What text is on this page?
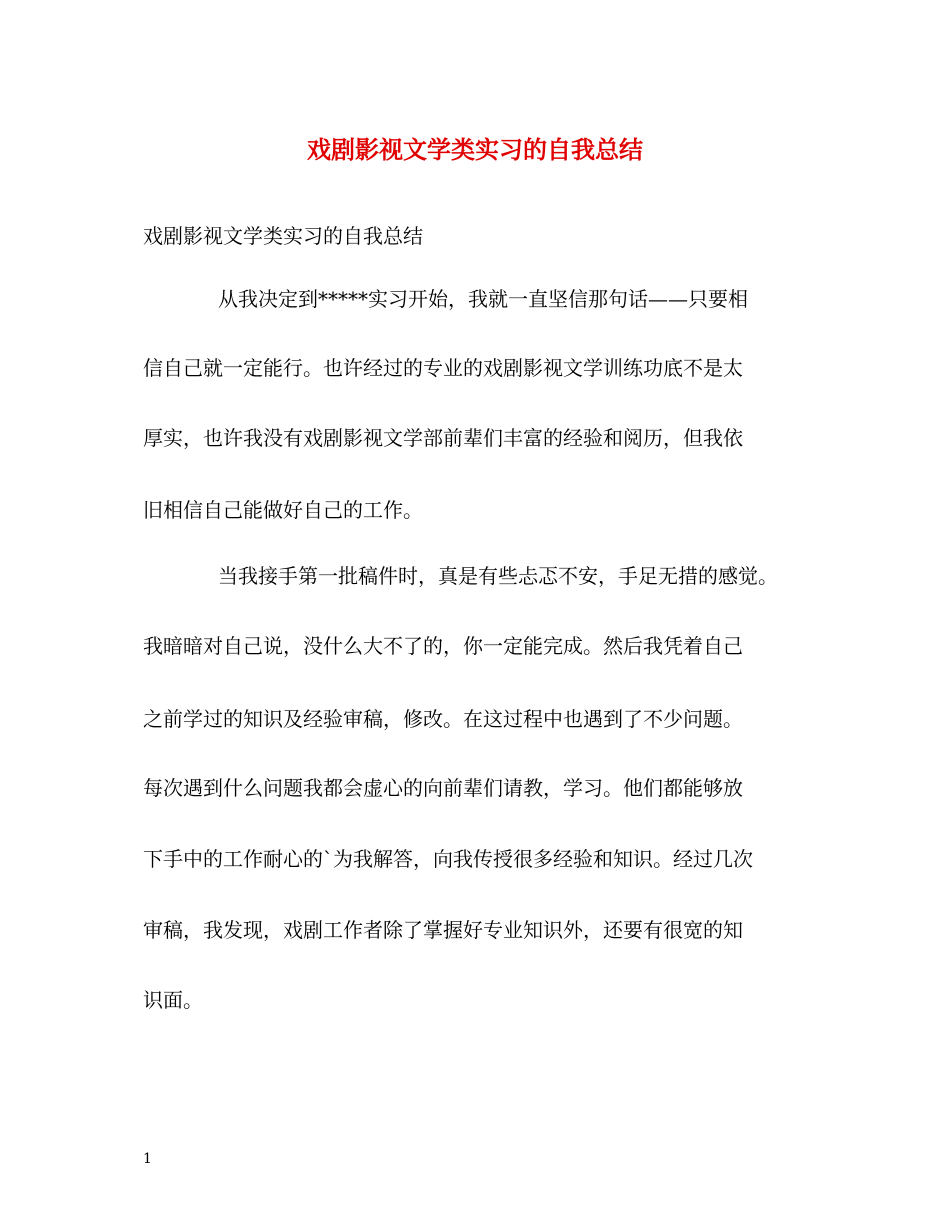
戏剧影视文学类实习的自我总结
戏剧影视文学类实习的自我总结
从我决定到*****实习开始，我就一直坚信那句话——只要相
信自己就一定能行。也许经过的专业的戏剧影视文学训练功底不是太
厚实，也许我没有戏剧影视文学部前辈们丰富的经验和阅历，但我依
旧相信自己能做好自己的工作。
当我接手第一批稿件时，真是有些忐忑不安，手足无措的感觉。
我暗暗对自己说，没什么大不了的，你一定能完成。然后我凭着自己
之前学过的知识及经验审稿，修改。在这过程中也遇到了不少问题。
每次遇到什么问题我都会虚心的向前辈们请教，学习。他们都能够放
下手中的工作耐心的`为我解答，向我传授很多经验和知识。经过几次
审稿，我发现，戏剧工作者除了掌握好专业知识外，还要有很宽的知
识面。
1
